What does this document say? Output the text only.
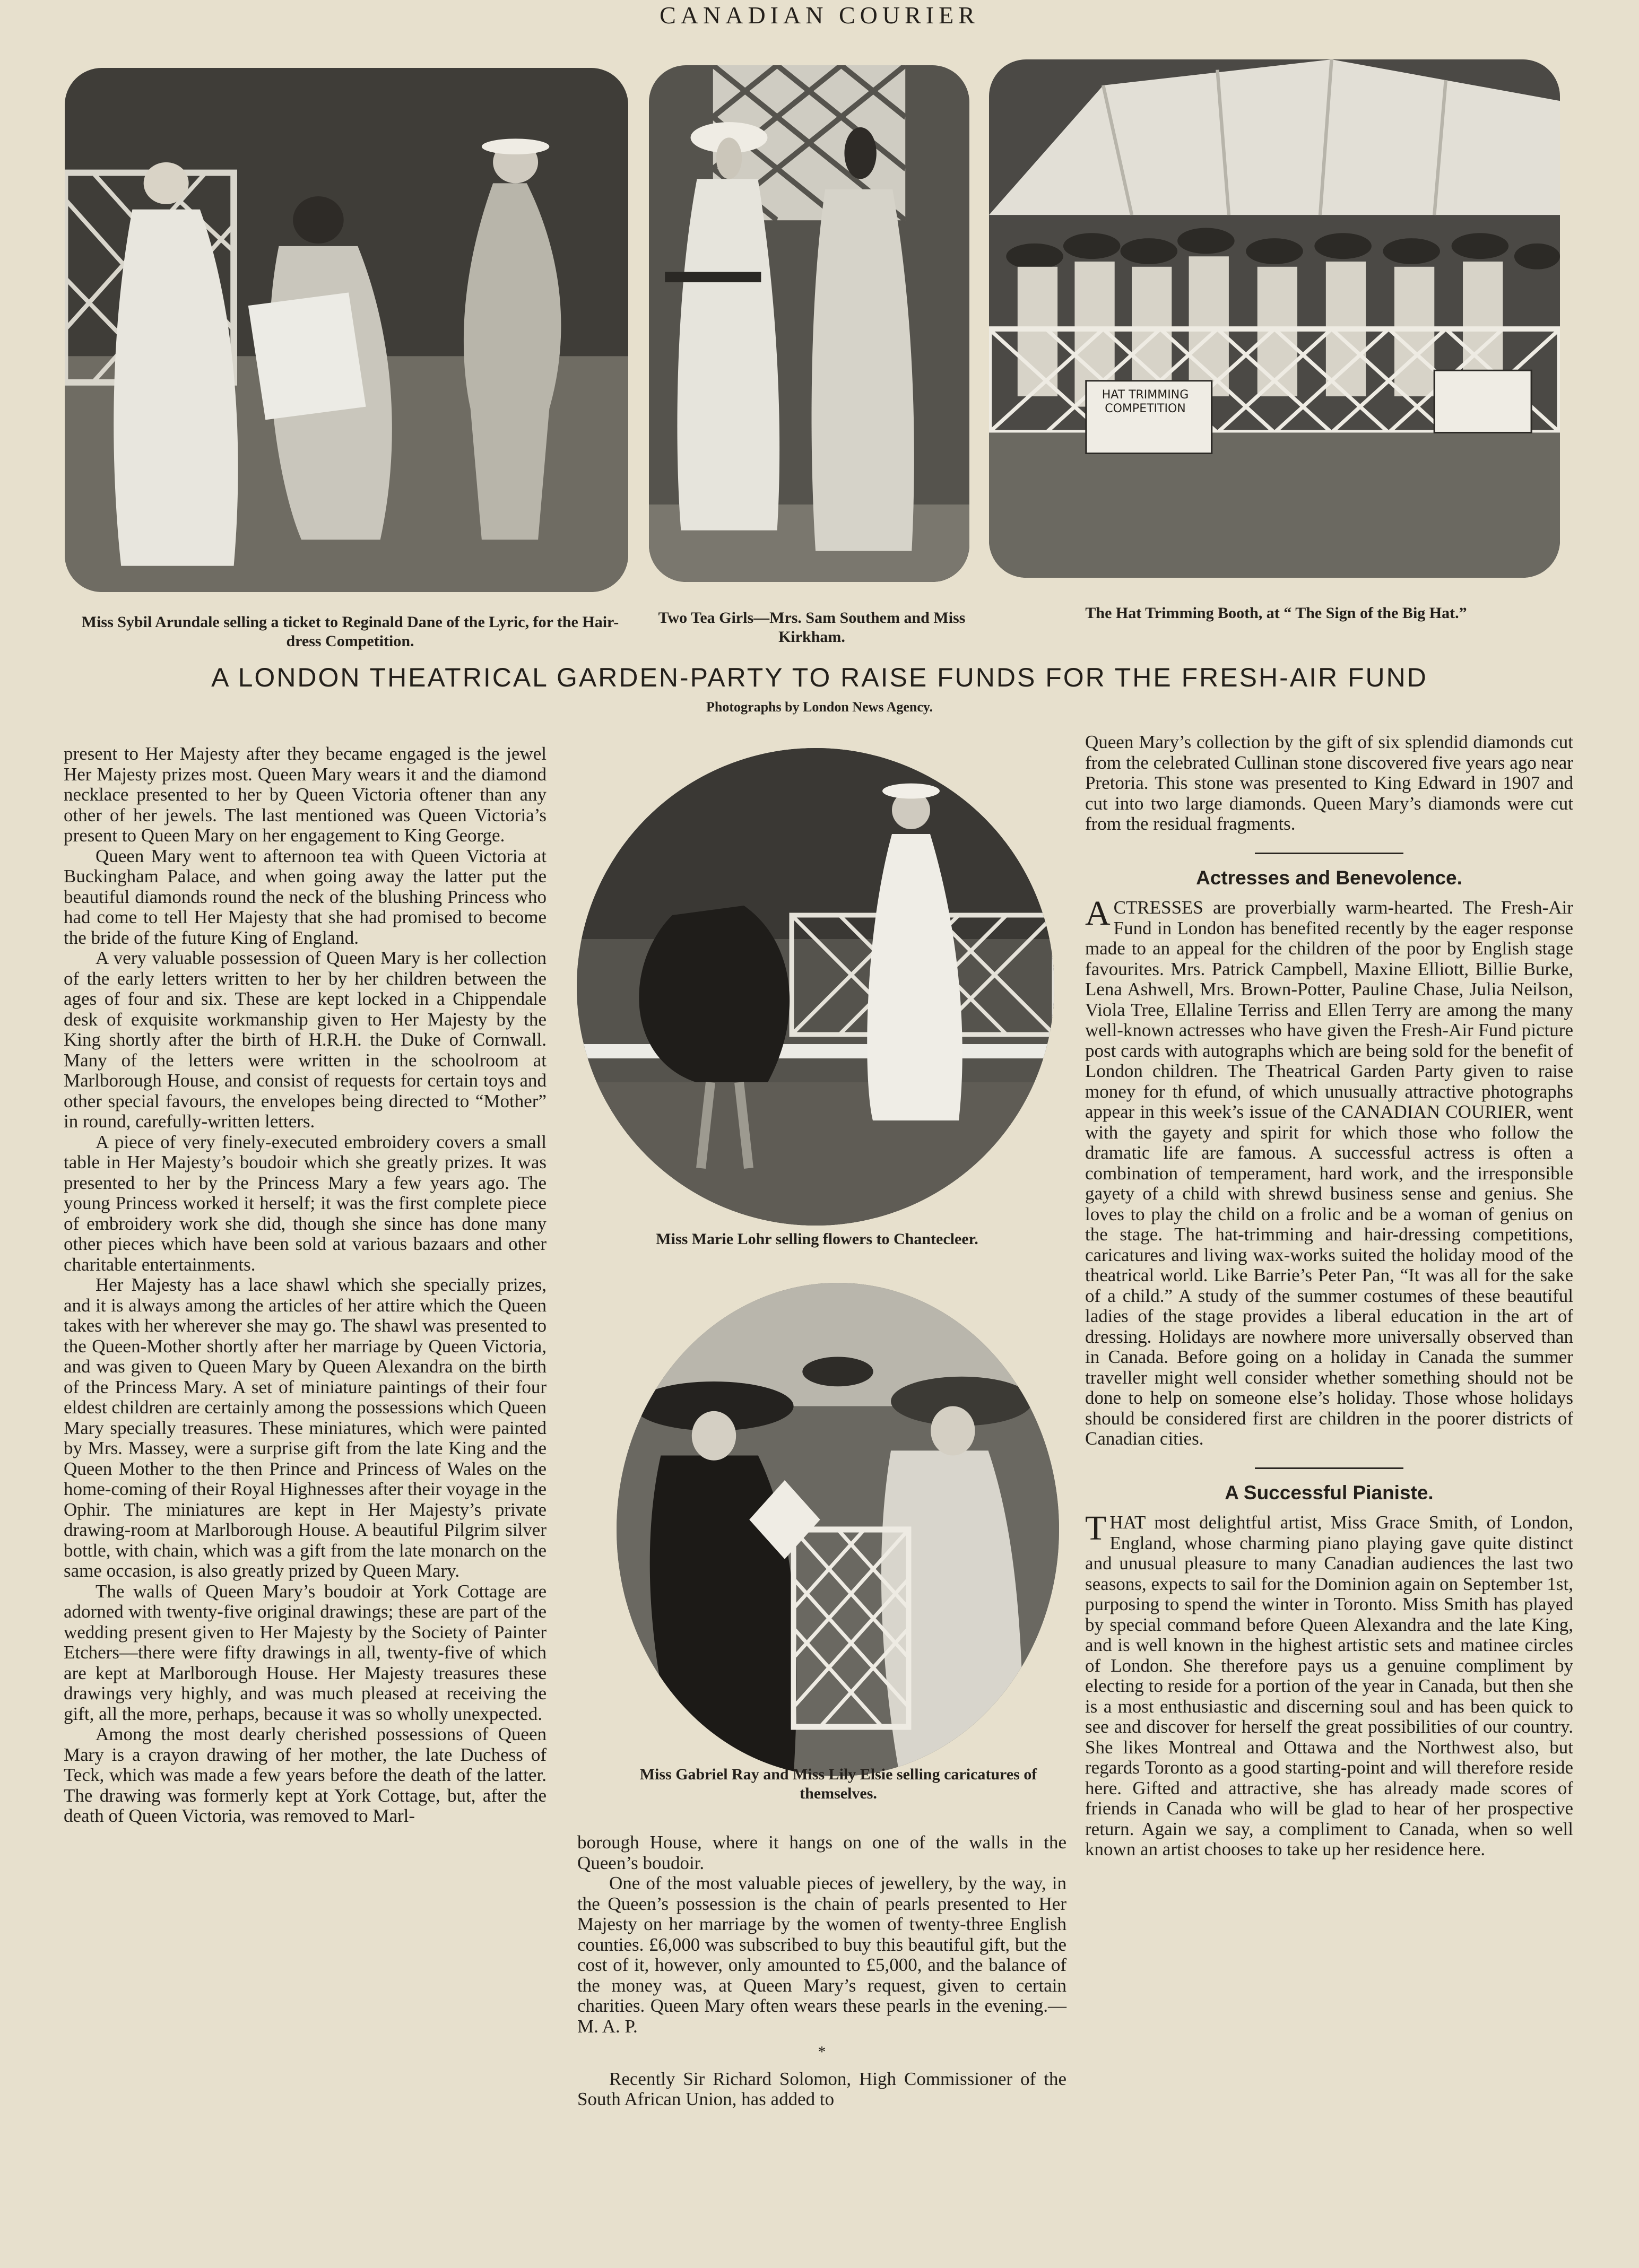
CANADIAN COURIER
HAT TRIMMING COMPETITION
Miss Sybil Arundale selling a ticket to Reginald Dane of the Lyric, for the Hair-dress Competition.
Two Tea Girls—Mrs. Sam Southem and Miss Kirkham.
The Hat Trimming Booth, at “ The Sign of the Big Hat.”
A LONDON THEATRICAL GARDEN-PARTY TO RAISE FUNDS FOR THE FRESH-AIR FUND
Photographs by London News Agency.

present to Her Majesty after they became engaged is the jewel Her Majesty prizes most. Queen Mary wears it and the diamond necklace presented to her by Queen Victoria oftener than any other of her jewels. The last mentioned was Queen Victoria’s present to Queen Mary on her engagement to King George.

Queen Mary went to afternoon tea with Queen Victoria at Buckingham Palace, and when going away the latter put the beautiful diamonds round the neck of the blushing Princess who had come to tell Her Majesty that she had promised to become the bride of the future King of England.

A very valuable possession of Queen Mary is her collection of the early letters written to her by her children between the ages of four and six. These are kept locked in a Chippendale desk of exquisite workmanship given to Her Majesty by the King shortly after the birth of H.R.H. the Duke of Cornwall. Many of the letters were written in the schoolroom at Marlborough House, and consist of requests for certain toys and other special favours, the envelopes being directed to “Mother” in round, carefully-written letters.

A piece of very finely-executed embroidery covers a small table in Her Majesty’s boudoir which she greatly prizes. It was presented to her by the Princess Mary a few years ago. The young Princess worked it herself; it was the first complete piece of embroidery work she did, though she since has done many other pieces which have been sold at various bazaars and other charitable entertainments.

Her Majesty has a lace shawl which she specially prizes, and it is always among the articles of her attire which the Queen takes with her wherever she may go. The shawl was presented to the Queen-Mother shortly after her marriage by Queen Victoria, and was given to Queen Mary by Queen Alexandra on the birth of the Princess Mary. A set of miniature paintings of their four eldest children are certainly among the possessions which Queen Mary specially treasures. These miniatures, which were painted by Mrs. Massey, were a surprise gift from the late King and the Queen Mother to the then Prince and Princess of Wales on the home-coming of their Royal Highnesses after their voyage in the Ophir. The miniatures are kept in Her Majesty’s private drawing-room at Marlborough House. A beautiful Pilgrim silver bottle, with chain, which was a gift from the late monarch on the same occasion, is also greatly prized by Queen Mary.

The walls of Queen Mary’s boudoir at York Cottage are adorned with twenty-five original drawings; these are part of the wedding present given to Her Majesty by the Society of Painter Etchers—there were fifty drawings in all, twenty-five of which are kept at Marlborough House. Her Majesty treasures these drawings very highly, and was much pleased at receiving the gift, all the more, perhaps, because it was so wholly unexpected.

Among the most dearly cherished possessions of Queen Mary is a crayon drawing of her mother, the late Duchess of Teck, which was made a few years before the death of the latter. The drawing was formerly kept at York Cottage, but, after the death of Queen Victoria, was removed to Marl-

Miss Marie Lohr selling flowers to Chantecleer.
Miss Gabriel Ray and Miss Lily Elsie selling caricatures of themselves.

borough House, where it hangs on one of the walls in the Queen’s boudoir.

One of the most valuable pieces of jewellery, by the way, in the Queen’s possession is the chain of pearls presented to Her Majesty on her marriage by the women of twenty-three English counties. £6,000 was subscribed to buy this beautiful gift, but the cost of it, however, only amounted to £5,000, and the balance of the money was, at Queen Mary’s request, given to certain charities. Queen Mary often wears these pearls in the evening.—M. A. P.

*

Recently Sir Richard Solomon, High Commissioner of the South African Union, has added to

Queen Mary’s collection by the gift of six splendid diamonds cut from the celebrated Cullinan stone discovered five years ago near Pretoria. This stone was presented to King Edward in 1907 and cut into two large diamonds. Queen Mary’s diamonds were cut from the residual fragments.

Actresses and Benevolence.

ACTRESSES are proverbially warm-hearted. The Fresh-Air Fund in London has benefited recently by the eager response made to an appeal for the children of the poor by English stage favourites. Mrs. Patrick Campbell, Maxine Elliott, Billie Burke, Lena Ashwell, Mrs. Brown-Potter, Pauline Chase, Julia Neilson, Viola Tree, Ellaline Terriss and Ellen Terry are among the many well-known actresses who have given the Fresh-Air Fund picture post cards with autographs which are being sold for the benefit of London children. The Theatrical Garden Party given to raise money for th efund, of which unusually attractive photographs appear in this week’s issue of the CANADIAN COURIER, went with the gayety and spirit for which those who follow the dramatic life are famous. A successful actress is often a combination of temperament, hard work, and the irresponsible gayety of a child with shrewd business sense and genius. She loves to play the child on a frolic and be a woman of genius on the stage. The hat-trimming and hair-dressing competitions, caricatures and living wax-works suited the holiday mood of the theatrical world. Like Barrie’s Peter Pan, “It was all for the sake of a child.” A study of the summer costumes of these beautiful ladies of the stage provides a liberal education in the art of dressing. Holidays are nowhere more universally observed than in Canada. Before going on a holiday in Canada the summer traveller might well consider whether something should not be done to help on someone else’s holiday. Those whose holidays should be considered first are children in the poorer districts of Canadian cities.

A Successful Pianiste.

THAT most delightful artist, Miss Grace Smith, of London, England, whose charming piano playing gave quite distinct and unusual pleasure to many Canadian audiences the last two seasons, expects to sail for the Dominion again on September 1st, purposing to spend the winter in Toronto. Miss Smith has played by special command before Queen Alexandra and the late King, and is well known in the highest artistic sets and matinee circles of London. She therefore pays us a genuine compliment by electing to reside for a portion of the year in Canada, but then she is a most enthusiastic and discerning soul and has been quick to see and discover for herself the great possibilities of our country. She likes Montreal and Ottawa and the Northwest also, but regards Toronto as a good starting-point and will therefore reside here. Gifted and attractive, she has already made scores of friends in Canada who will be glad to hear of her prospective return. Again we say, a compliment to Canada, when so well known an artist chooses to take up her residence here.
